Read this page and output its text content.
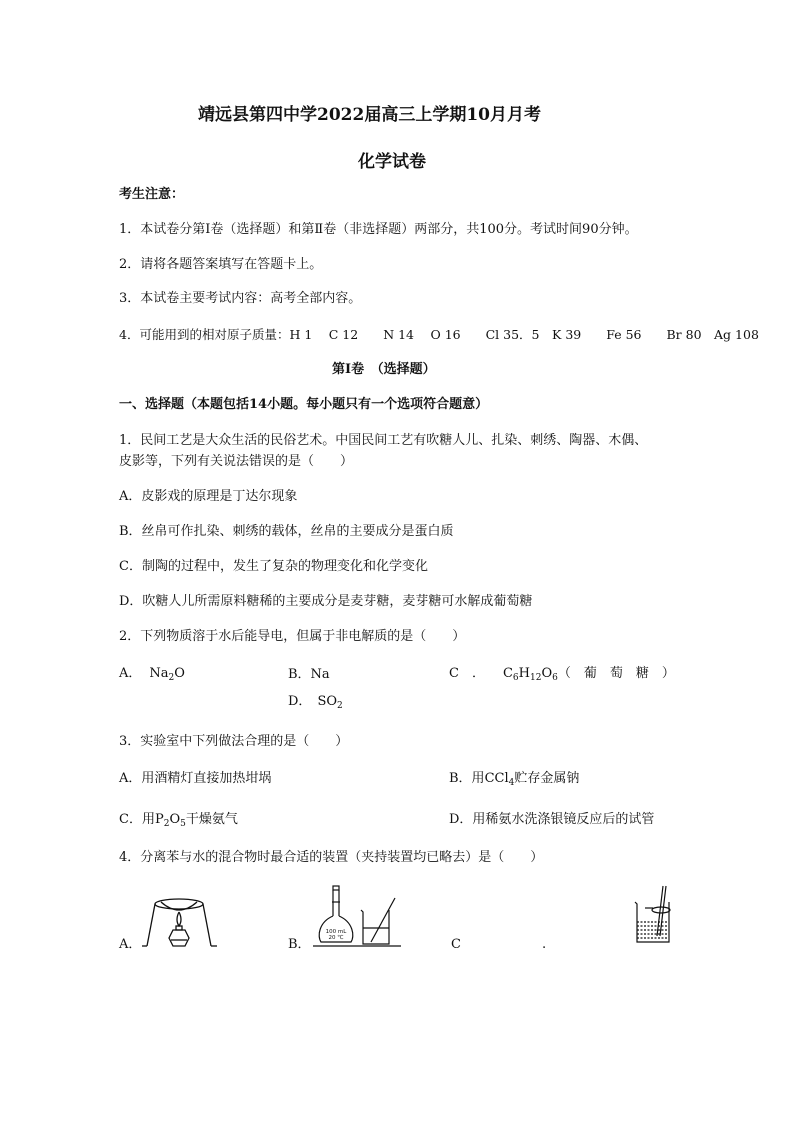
靖远县第四中学2022届高三上学期10月月考
化学试卷
考生注意：
1．本试卷分第Ⅰ卷（选择题）和第Ⅱ卷（非选择题）两部分，共100分。考试时间90分钟。
2．请将各题答案填写在答题卡上。
3．本试卷主要考试内容：高考全部内容。
4．可能用到的相对原子质量：H 1　 C 12　　N 14　 O 16　　Cl 35．5　K 39　　Fe 56　　Br 80　Ag 108
第Ⅰ卷　（选择题）
一、选择题（本题包括14小题。每小题只有一个选项符合题意）
1．民间工艺是大众生活的民俗艺术。中国民间工艺有吹糖人儿、扎染、刺绣、陶器、木偶、
皮影等，下列有关说法错误的是（　　）
A．皮影戏的原理是丁达尔现象
B．丝帛可作扎染、刺绣的载体，丝帛的主要成分是蛋白质
C．制陶的过程中，发生了复杂的物理变化和化学变化
D．吹糖人儿所需原料糖稀的主要成分是麦芽糖，麦芽糖可水解成葡萄糖
2．下列物质溶于水后能导电，但属于非电解质的是（　　）
A． $Na_2O$	B．Na	C　． $C_6H_{12}O_6$（　葡　萄　糖　）
D． $SO_2$
3．实验室中下列做法合理的是（　　）
A．用酒精灯直接加热坩埚	B．用CCl$_4$贮存金属钠
C．用$P_2O_5$干燥氨气	D．用稀氨水洗涤银镜反应后的试管
4．分离苯与水的混合物时最合适的装置（夹持装置均已略去）是（　　）
A．	B．
100 mL
20 ℃	C	.
